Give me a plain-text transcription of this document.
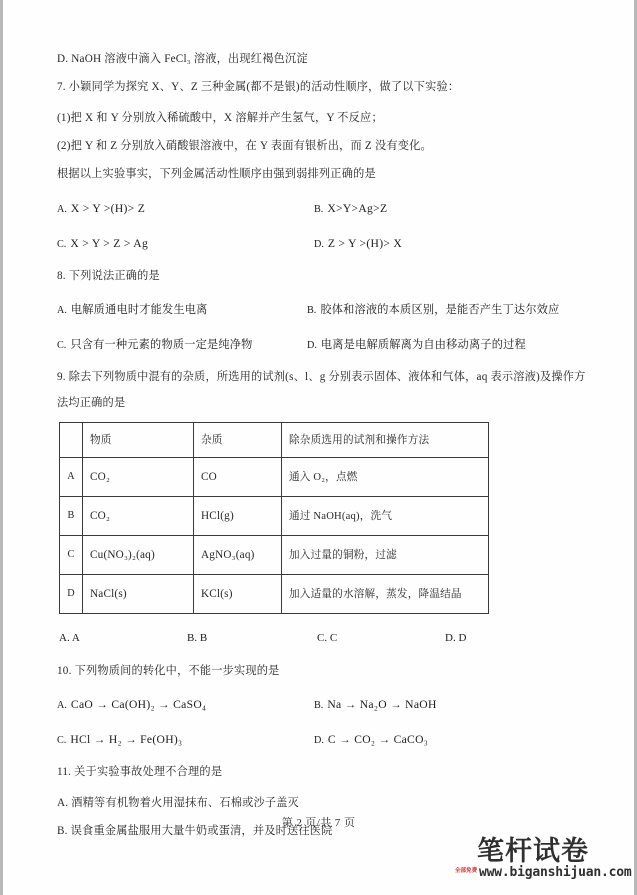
D. NaOH 溶液中滴入 FeCl₃ 溶液，出现红褐色沉淀

7. 小颖同学为探究 X、Y、Z 三种金属(都不是银)的活动性顺序，做了以下实验：

(1)把 X 和 Y 分别放入稀硫酸中，X 溶解并产生氢气，Y 不反应；

(2)把 Y 和 Z 分别放入硝酸银溶液中，在 Y 表面有银析出，而 Z 没有变化。

根据以上实验事实，下列金属活动性顺序由强到弱排列正确的是

A. X > Y >(H)> Z	B. X>Y>Ag>Z
C. X > Y > Z > Ag	D. Z > Y >(H)> X

8. 下列说法正确的是

A. 电解质通电时才能发生电离	B. 胶体和溶液的本质区别，是能否产生丁达尔效应
C. 只含有一种元素的物质一定是纯净物	D. 电离是电解质解离为自由移动离子的过程

9. 除去下列物质中混有的杂质，所选用的试剂(s、l、g 分别表示固体、液体和气体，aq 表示溶液)及操作方

法均正确的是

	物质	杂质	除杂质选用的试剂和操作方法
A	CO₂	CO	通入 O₂，点燃
B	CO₂	HCl(g)	通过 NaOH(aq)，洗气
C	Cu(NO₃)₂(aq)	AgNO₃(aq)	加入过量的铜粉，过滤
D	NaCl(s)	KCl(s)	加入适量的水溶解，蒸发，降温结晶
A. A	B. B	C. C	D. D

10. 下列物质间的转化中，不能一步实现的是

A. CaO → Ca(OH)₂ → CaSO₄	B. Na → Na₂O → NaOH
C. HCl → H₂ → Fe(OH)₃	D. C → CO₂ → CaCO₃

11. 关于实验事故处理不合理的是

A. 酒精等有机物着火用湿抹布、石棉或沙子盖灭

B. 误食重金属盐服用大量牛奶或蛋清，并及时送往医院

第 2 页/共 7 页
笔杆试卷
全部免费 www.biganshijuan.com
